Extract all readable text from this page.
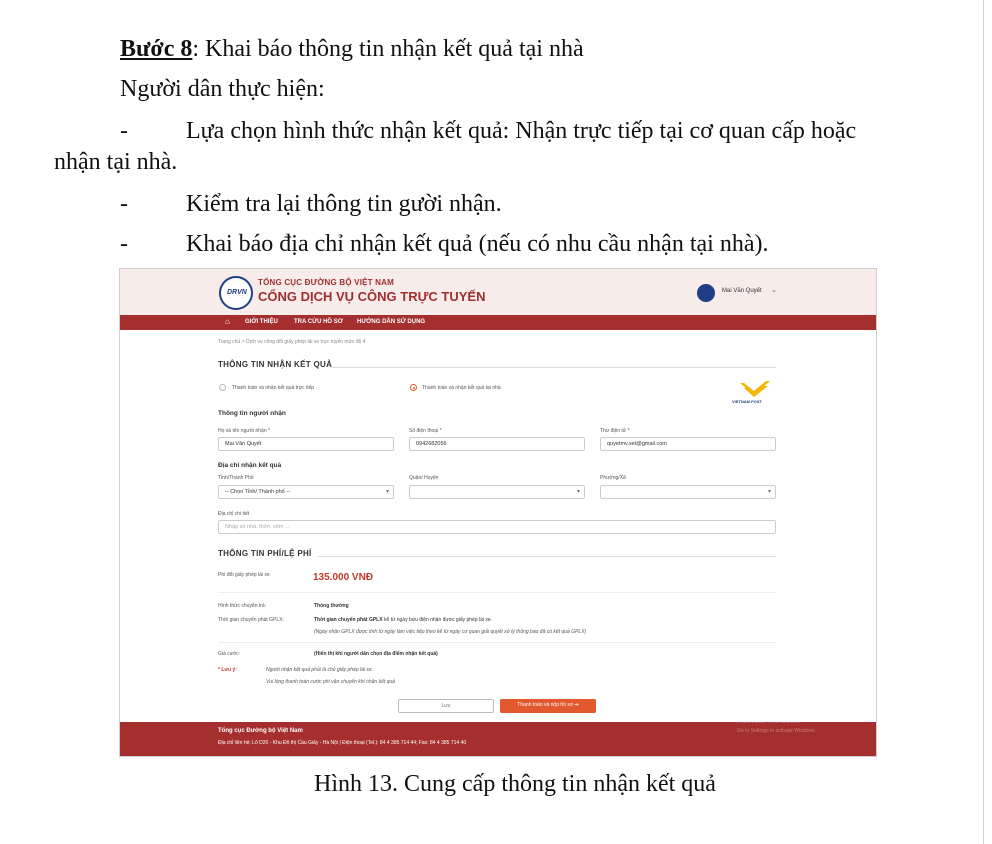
Bước 8: Khai báo thông tin nhận kết quả tại nhà
Người dân thực hiện:
- Lựa chọn hình thức nhận kết quả: Nhận trực tiếp tại cơ quan cấp hoặc
nhận tại nhà.
- Kiểm tra lại thông tin gười nhận.
- Khai báo địa chỉ nhận kết quả (nếu có nhu cầu nhận tại nhà).
Hình 13. Cung cấp thông tin nhận kết quả
DRVN
TỔNG CỤC ĐƯỜNG BỘ VIỆT NAM
CỔNG DỊCH VỤ CÔNG TRỰC TUYẾN	Mai Văn Quyết ⌄
⌂	GIỚI THIỆU	TRA CỨU HỒ SƠ HƯỚNG DẪN SỬ DỤNG
Trang chủ > Dịch vụ công đổi giấy phép lái xe trực tuyến mức độ 4
THÔNG TIN NHẬN KẾT QUẢ
Thanh toán và nhận kết quả trực tiếp	Thanh toán và nhận kết quả tại nhà
VIETNAM POST
Thông tin người nhận
Họ và tên người nhận *
Mai Văn Quyết
Số điện thoại *
0942682056
Thư điện tử *
quyetmv.set@gmail.com
Địa chỉ nhận kết quả
Tỉnh/Thành Phố
-- Chọn Tỉnh/ Thành phố --	▾
Quận/ Huyện
▾
Phường/Xã
▾
Địa chỉ chi tiết
Nhập số nhà, thôn, xóm ...
THÔNG TIN PHÍ/LỆ PHÍ
Phí đổi giấy phép lái xe	135.000 VNĐ
Hình thức chuyển trả:	Thông thường
Thời gian chuyển phát GPLX:	Thời gian chuyển phát GPLX kể từ ngày bưu điện nhận được giấy phép lái xe.
(Ngày nhận GPLX được tính từ ngày làm việc tiếp theo kể từ ngày cơ quan giải quyết xử lý thông báo đã có kết quả GPLX)
Giá cước:	(Hiển thị khi người dân chọn địa điểm nhận kết quả)
* Lưu ý:	Người nhận kết quả phải là chủ giấy phép lái xe.
Vui lòng thanh toán cước phí vận chuyển khi nhận kết quả
Lưu	Thanh toán và nộp hồ sơ ➔
Tổng cục Đường bộ Việt Nam
Địa chỉ liên hệ: Lô D20 - Khu Đô thị Cầu Giấy - Hà Nội | Điện thoại (Tel.): 84 4 385 714 44; Fax: 84 4 385 714 40
Activate Windows
Go to Settings to activate Windows.
